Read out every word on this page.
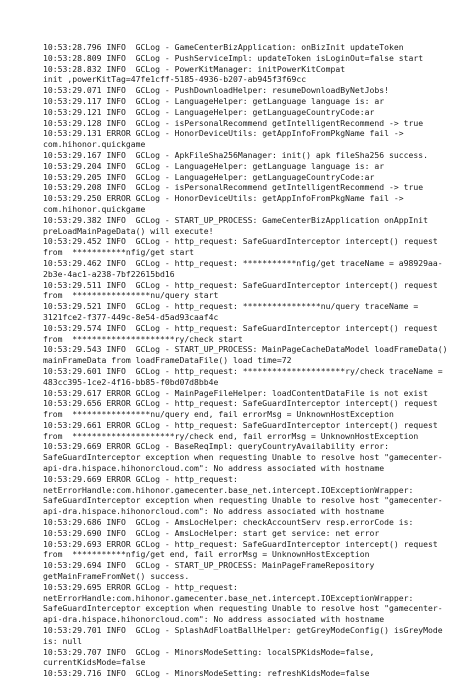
10:53:28.796 INFO  GCLog - GameCenterBizApplication: onBizInit updateToken
10:53:28.809 INFO  GCLog - PushServiceImpl: updateToken isLoginOut=false start
10:53:28.832 INFO  GCLog - PowerKitManager: initPowerKitCompat
init ,powerKitTag=47fe1cff-5185-4936-b207-ab945f3f69cc
10:53:29.071 INFO  GCLog - PushDownloadHelper: resumeDownloadByNetJobs!
10:53:29.117 INFO  GCLog - LanguageHelper: getLanguage language is: ar
10:53:29.121 INFO  GCLog - LanguageHelper: getLanguageCountryCode:ar
10:53:29.128 INFO  GCLog - isPersonalRecommend getIntelligentRecommend -> true
10:53:29.131 ERROR GCLog - HonorDeviceUtils: getAppInfoFromPkgName fail ->
com.hihonor.quickgame
10:53:29.167 INFO  GCLog - ApkFileSha256Manager: init() apk fileSha256 success.
10:53:29.204 INFO  GCLog - LanguageHelper: getLanguage language is: ar
10:53:29.205 INFO  GCLog - LanguageHelper: getLanguageCountryCode:ar
10:53:29.208 INFO  GCLog - isPersonalRecommend getIntelligentRecommend -> true
10:53:29.250 ERROR GCLog - HonorDeviceUtils: getAppInfoFromPkgName fail ->
com.hihonor.quickgame
10:53:29.382 INFO  GCLog - START_UP_PROCESS: GameCenterBizApplication onAppInit
preLoadMainPageData() will execute!
10:53:29.452 INFO  GCLog - http_request: SafeGuardInterceptor intercept() request
from  ***********nfig/get start
10:53:29.462 INFO  GCLog - http_request: ***********nfig/get traceName = a98929aa-
2b3e-4ac1-a238-7bf22615bd16
10:53:29.511 INFO  GCLog - http_request: SafeGuardInterceptor intercept() request
from  ****************nu/query start
10:53:29.521 INFO  GCLog - http_request: ****************nu/query traceName =
3121fce2-f377-449c-8e54-d5ad93caaf4c
10:53:29.574 INFO  GCLog - http_request: SafeGuardInterceptor intercept() request
from  *********************ry/check start
10:53:29.543 INFO  GCLog - START_UP_PROCESS: MainPageCacheDataModel loadFrameData()
mainFrameData from loadFrameDataFile() load time=72
10:53:29.601 INFO  GCLog - http_request: *********************ry/check traceName =
483cc395-1ce2-4f16-bb85-f0bd07d8bb4e
10:53:29.617 ERROR GCLog - MainPageFileHelper: loadContentDataFile is not exist
10:53:29.656 ERROR GCLog - http_request: SafeGuardInterceptor intercept() request
from  ****************nu/query end, fail errorMsg = UnknownHostException
10:53:29.661 ERROR GCLog - http_request: SafeGuardInterceptor intercept() request
from  *********************ry/check end, fail errorMsg = UnknownHostException
10:53:29.669 ERROR GCLog - BaseReqImpl: queryCountryAvailability error:
SafeGuardInterceptor exception when requesting Unable to resolve host "gamecenter-
api-dra.hispace.hihonorcloud.com": No address associated with hostname
10:53:29.669 ERROR GCLog - http_request:
netErrorHandle:com.hihonor.gamecenter.base_net.intercept.IOExceptionWrapper:
SafeGuardInterceptor exception when requesting Unable to resolve host "gamecenter-
api-dra.hispace.hihonorcloud.com": No address associated with hostname
10:53:29.686 INFO  GCLog - AmsLocHelper: checkAccountServ resp.errorCode is:
10:53:29.690 INFO  GCLog - AmsLocHelper: start get service: net error
10:53:29.693 ERROR GCLog - http_request: SafeGuardInterceptor intercept() request
from  ***********nfig/get end, fail errorMsg = UnknownHostException
10:53:29.694 INFO  GCLog - START_UP_PROCESS: MainPageFrameRepository
getMainFrameFromNet() success.
10:53:29.695 ERROR GCLog - http_request:
netErrorHandle:com.hihonor.gamecenter.base_net.intercept.IOExceptionWrapper:
SafeGuardInterceptor exception when requesting Unable to resolve host "gamecenter-
api-dra.hispace.hihonorcloud.com": No address associated with hostname
10:53:29.701 INFO  GCLog - SplashAdFloatBallHelper: getGreyModeConfig() isGreyMode
is: null
10:53:29.707 INFO  GCLog - MinorsModeSetting: localSPKidsMode=false,
currentKidsMode=false
10:53:29.716 INFO  GCLog - MinorsModeSetting: refreshKidsMode=false
